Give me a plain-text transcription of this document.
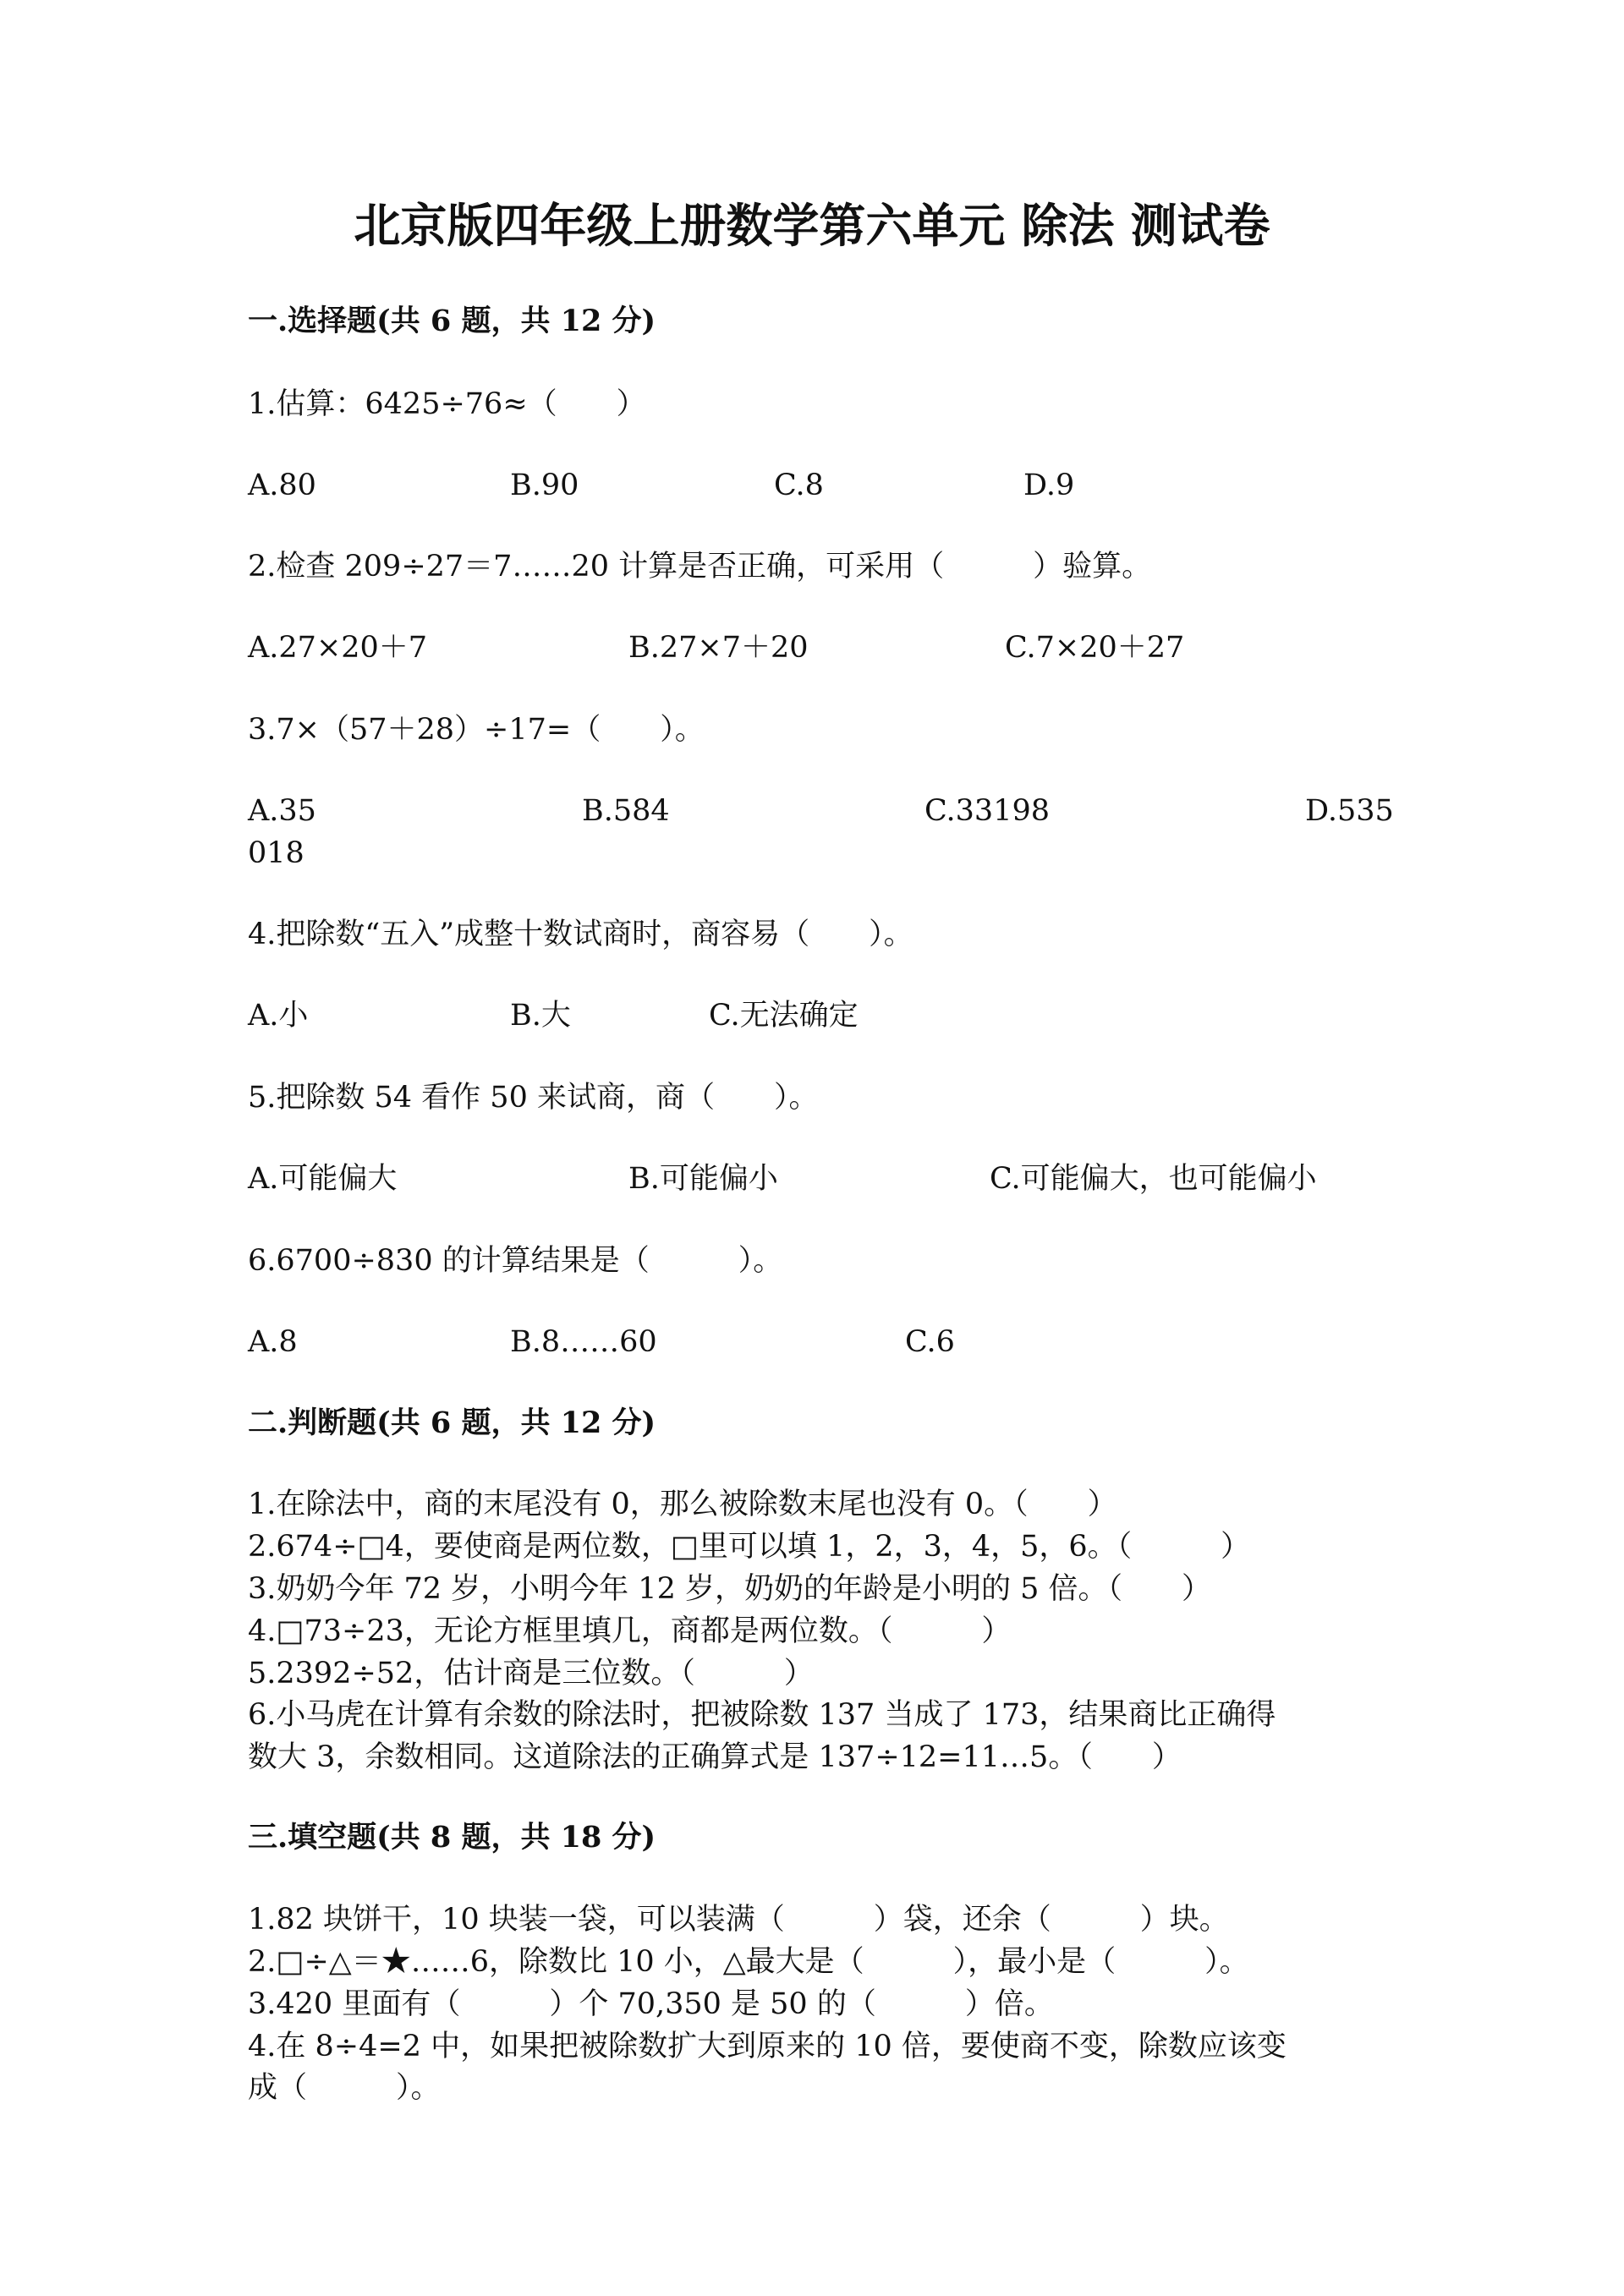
北京版四年级上册数学第六单元 除法 测试卷
一.选择题(共 6 题，共 12 分)
1.估算：6425÷76≈（　　）
A.80	B.90	C.8	D.9
2.检查 209÷27＝7……20 计算是否正确，可采用（　　　）验算。
A.27×20＋7	B.27×7＋20	C.7×20＋27
3.7×（57＋28）÷17=（　　）。
A.35	B.584	C.33198	D.535
018
4.把除数“五入”成整十数试商时，商容易（　　）。
A.小	B.大	C.无法确定
5.把除数 54 看作 50 来试商，商（　　）。
A.可能偏大	B.可能偏小	C.可能偏大，也可能偏小
6.6700÷830 的计算结果是（　　　）。
A.8	B.8……60	C.6
二.判断题(共 6 题，共 12 分)
1.在除法中，商的末尾没有 0，那么被除数末尾也没有 0。（　　）
2.674÷□4，要使商是两位数，□里可以填 1，2，3，4，5，6。（　　　）
3.奶奶今年 72 岁，小明今年 12 岁，奶奶的年龄是小明的 5 倍。（　　）
4.□73÷23，无论方框里填几，商都是两位数。（　　　）
5.2392÷52，估计商是三位数。（　　　）
6.小马虎在计算有余数的除法时，把被除数 137 当成了 173，结果商比正确得
数大 3，余数相同。这道除法的正确算式是 137÷12=11…5。（　　）
三.填空题(共 8 题，共 18 分)
1.82 块饼干，10 块装一袋，可以装满（　　　）袋，还余（　　　）块。
2.□÷△＝★……6，除数比 10 小，△最大是（　　　），最小是（　　　）。
3.420 里面有（　　　）个 70,350 是 50 的（　　　）倍。
4.在 8÷4=2 中，如果把被除数扩大到原来的 10 倍，要使商不变，除数应该变
成（　　　）。
